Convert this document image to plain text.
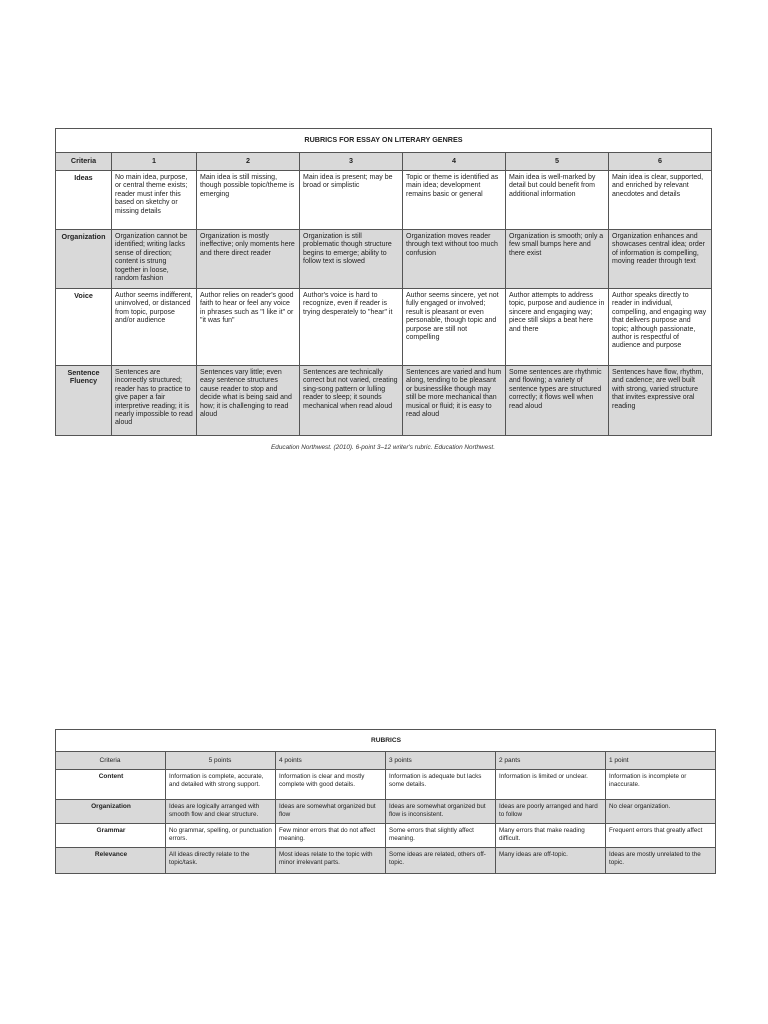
RUBRICS FOR ESSAY ON LITERARY GENRES						
Criteria	1	2	3	4	5	6
Ideas	No main idea, purpose, or central theme exists; reader must infer this based on sketchy or missing details	Main idea is still missing, though possible topic/theme is emerging	Main idea is present; may be broad or simplistic	Topic or theme is identified as main idea; development remains basic or general	Main idea is well-marked by detail but could benefit from additional information	Main idea is clear, supported, and enriched by relevant anecdotes and details
Organization	Organization cannot be identified; writing lacks sense of direction; content is strung together in loose, random fashion	Organization is mostly ineffective; only moments here and there direct reader	Organization is still problematic though structure begins to emerge; ability to follow text is slowed	Organization moves reader through text without too much confusion	Organization is smooth; only a few small bumps here and there exist	Organization enhances and showcases central idea; order of information is compelling, moving reader through text
Voice	Author seems indifferent, uninvolved, or distanced from topic, purpose and/or audience	Author relies on reader's good faith to hear or feel any voice in phrases such as "I like it" or "it was fun"	Author's voice is hard to recognize, even if reader is trying desperately to "hear" it	Author seems sincere, yet not fully engaged or involved; result is pleasant or even personable, though topic and purpose are still not compelling	Author attempts to address topic, purpose and audience in sincere and engaging way; piece still skips a beat here and there	Author speaks directly to reader in individual, compelling, and engaging way that delivers purpose and topic; although passionate, author is respectful of audience and purpose
Sentence Fluency	Sentences are incorrectly structured; reader has to practice to give paper a fair interpretive reading; it is nearly impossible to read aloud	Sentences vary little; even easy sentence structures cause reader to stop and decide what is being said and how; it is challenging to read aloud	Sentences are technically correct but not varied, creating sing-song pattern or lulling reader to sleep; it sounds mechanical when read aloud	Sentences are varied and hum along, tending to be pleasant or businesslike though may still be more mechanical than musical or fluid; it is easy to read aloud	Some sentences are rhythmic and flowing; a variety of sentence types are structured correctly; it flows well when read aloud	Sentences have flow, rhythm, and cadence; are well built with strong, varied structure that invites expressive oral reading
Education Northwest. (2010). 6-point 3–12 writer's rubric. Education Northwest.
RUBRICS					
Criteria	5 points	4 points	3 points	2 pants	1 point
Content	Information is complete, accurate, and detailed with strong support.	Information is clear and mostly complete with good details.	Information is adequate but lacks some details.	Information is limited or unclear.	Information is incomplete or inaccurate.
Organization	Ideas are logically arranged with smooth flow and clear structure.	Ideas are somewhat organized but flow	Ideas are somewhat organized but flow is inconsistent.	Ideas are poorly arranged and hard to follow	No clear organization.
Grammar	No grammar, spelling, or punctuation errors.	Few minor errors that do not affect meaning.	Some errors that slightly affect meaning.	Many errors that make reading difficult.	Frequent errors that greatly affect
Relevance	All ideas directly relate to the topic/task.	Most ideas relate to the topic with minor irrelevant parts.	Some ideas are related, others off-topic.	Many ideas are off-topic.	Ideas are mostly unrelated to the topic.
